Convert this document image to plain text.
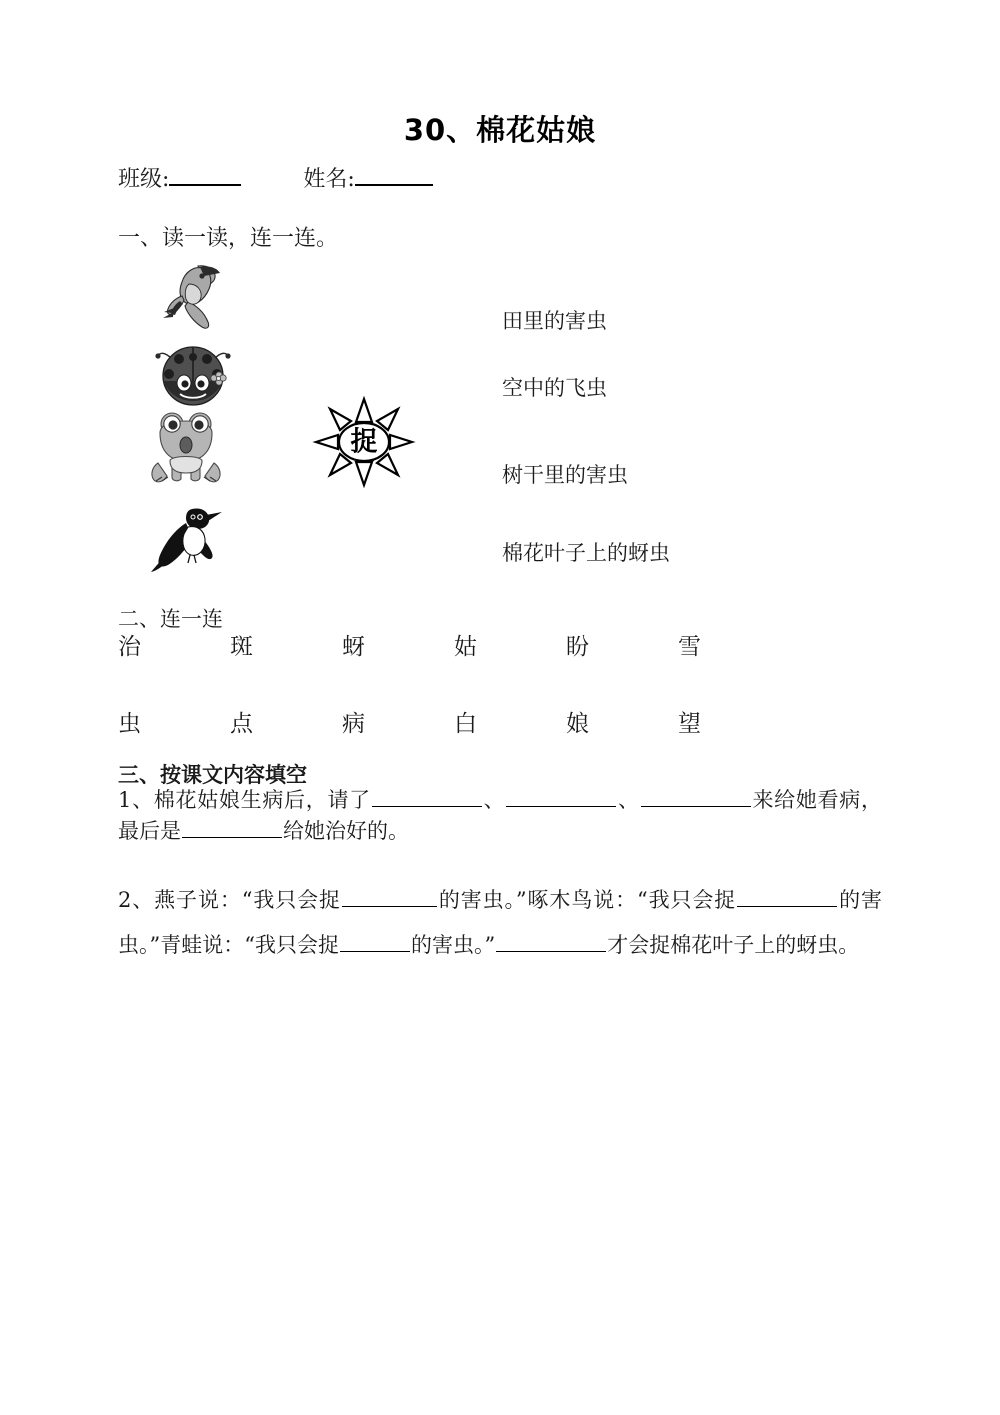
30、棉花姑娘
班级:	姓名:
一、读一读，连一连。
捉
田里的害虫
空中的飞虫
树干里的害虫
棉花叶子上的蚜虫
二、连一连
治	斑	蚜	姑	盼	雪
虫	点	病	白	娘	望
三、按课文内容填空
1、棉花姑娘生病后，请了	、	、	来给她看病，最后是	给她治好的。
2、燕子说：“我只会捉	的害虫。”啄木鸟说：“我只会捉	的害虫。”青蛙说：“我只会捉	的害虫。”	才会捉棉花叶子上的蚜虫。
